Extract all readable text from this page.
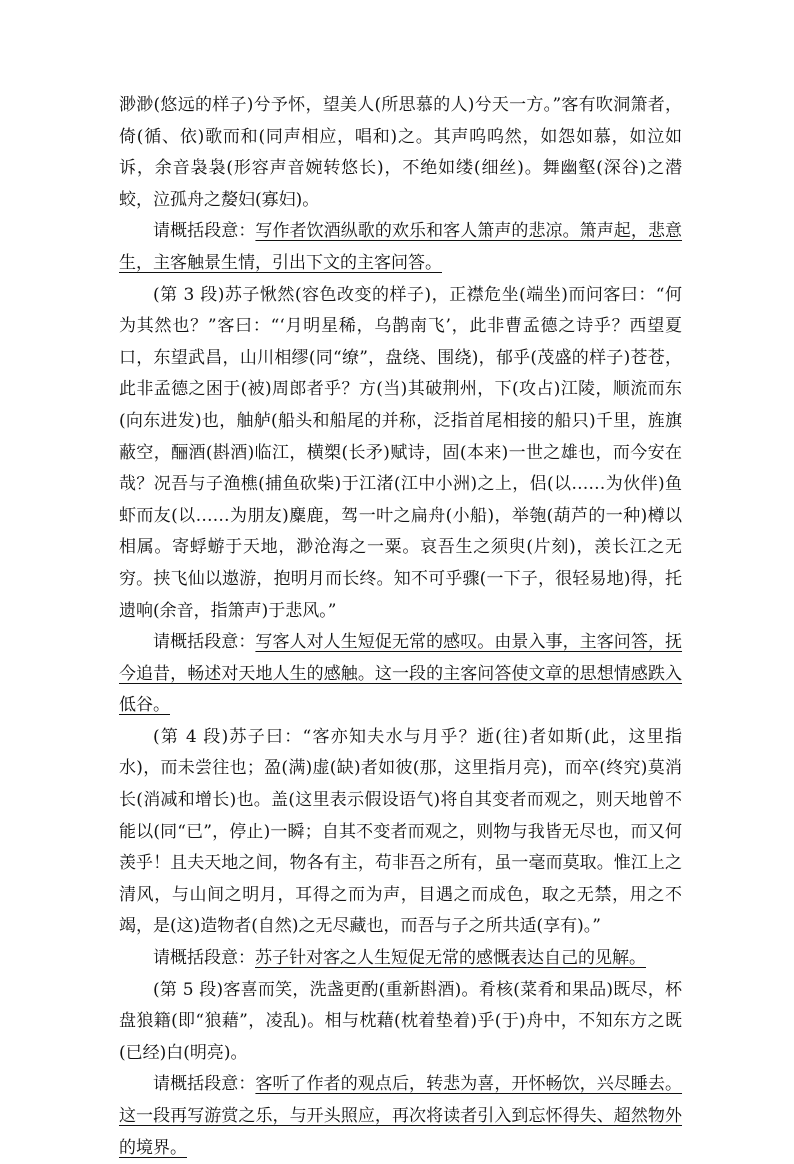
渺渺(悠远的样子)兮予怀，望美人(所思慕的人)兮天一方。”客有吹洞箫者，倚(循、依)歌而和(同声相应，唱和)之。其声呜呜然，如怨如慕，如泣如诉，余音袅袅(形容声音婉转悠长)，不绝如缕(细丝)。舞幽壑(深谷)之潜蛟，泣孤舟之嫠妇(寡妇)。

请概括段意：写作者饮酒纵歌的欢乐和客人箫声的悲凉。箫声起，悲意生，主客触景生情，引出下文的主客问答。

(第 3 段)苏子愀然(容色改变的样子)，正襟危坐(端坐)而问客曰：“何为其然也？”客曰：“‘月明星稀，乌鹊南飞’，此非曹孟德之诗乎？西望夏口，东望武昌，山川相缪(同“缭”，盘绕、围绕)，郁乎(茂盛的样子)苍苍，此非孟德之困于(被)周郎者乎？方(当)其破荆州，下(攻占)江陵，顺流而东(向东进发)也，舳舻(船头和船尾的并称，泛指首尾相接的船只)千里，旌旗蔽空，酾酒(斟酒)临江，横槊(长矛)赋诗，固(本来)一世之雄也，而今安在哉？况吾与子渔樵(捕鱼砍柴)于江渚(江中小洲)之上，侣(以……为伙伴)鱼虾而友(以……为朋友)麋鹿，驾一叶之扁舟(小船)，举匏(葫芦的一种)樽以相属。寄蜉蝣于天地，渺沧海之一粟。哀吾生之须臾(片刻)，羡长江之无穷。挟飞仙以遨游，抱明月而长终。知不可乎骤(一下子，很轻易地)得，托遗响(余音，指箫声)于悲风。”

请概括段意：写客人对人生短促无常的感叹。由景入事，主客问答，抚今追昔，畅述对天地人生的感触。这一段的主客问答使文章的思想情感跌入低谷。

(第 4 段)苏子曰：“客亦知夫水与月乎？逝(往)者如斯(此，这里指水)，而未尝往也；盈(满)虚(缺)者如彼(那，这里指月亮)，而卒(终究)莫消长(消减和增长)也。盖(这里表示假设语气)将自其变者而观之，则天地曾不能以(同“已”，停止)一瞬；自其不变者而观之，则物与我皆无尽也，而又何羡乎！且夫天地之间，物各有主，苟非吾之所有，虽一毫而莫取。惟江上之清风，与山间之明月，耳得之而为声，目遇之而成色，取之无禁，用之不竭，是(这)造物者(自然)之无尽藏也，而吾与子之所共适(享有)。”

请概括段意：苏子针对客之人生短促无常的感慨表达自己的见解。

(第 5 段)客喜而笑，洗盏更酌(重新斟酒)。肴核(菜肴和果品)既尽，杯盘狼籍(即“狼藉”，凌乱)。相与枕藉(枕着垫着)乎(于)舟中，不知东方之既(已经)白(明亮)。

请概括段意：客听了作者的观点后，转悲为喜，开怀畅饮，兴尽睡去。这一段再写游赏之乐，与开头照应，再次将读者引入到忘怀得失、超然物外的境界。
